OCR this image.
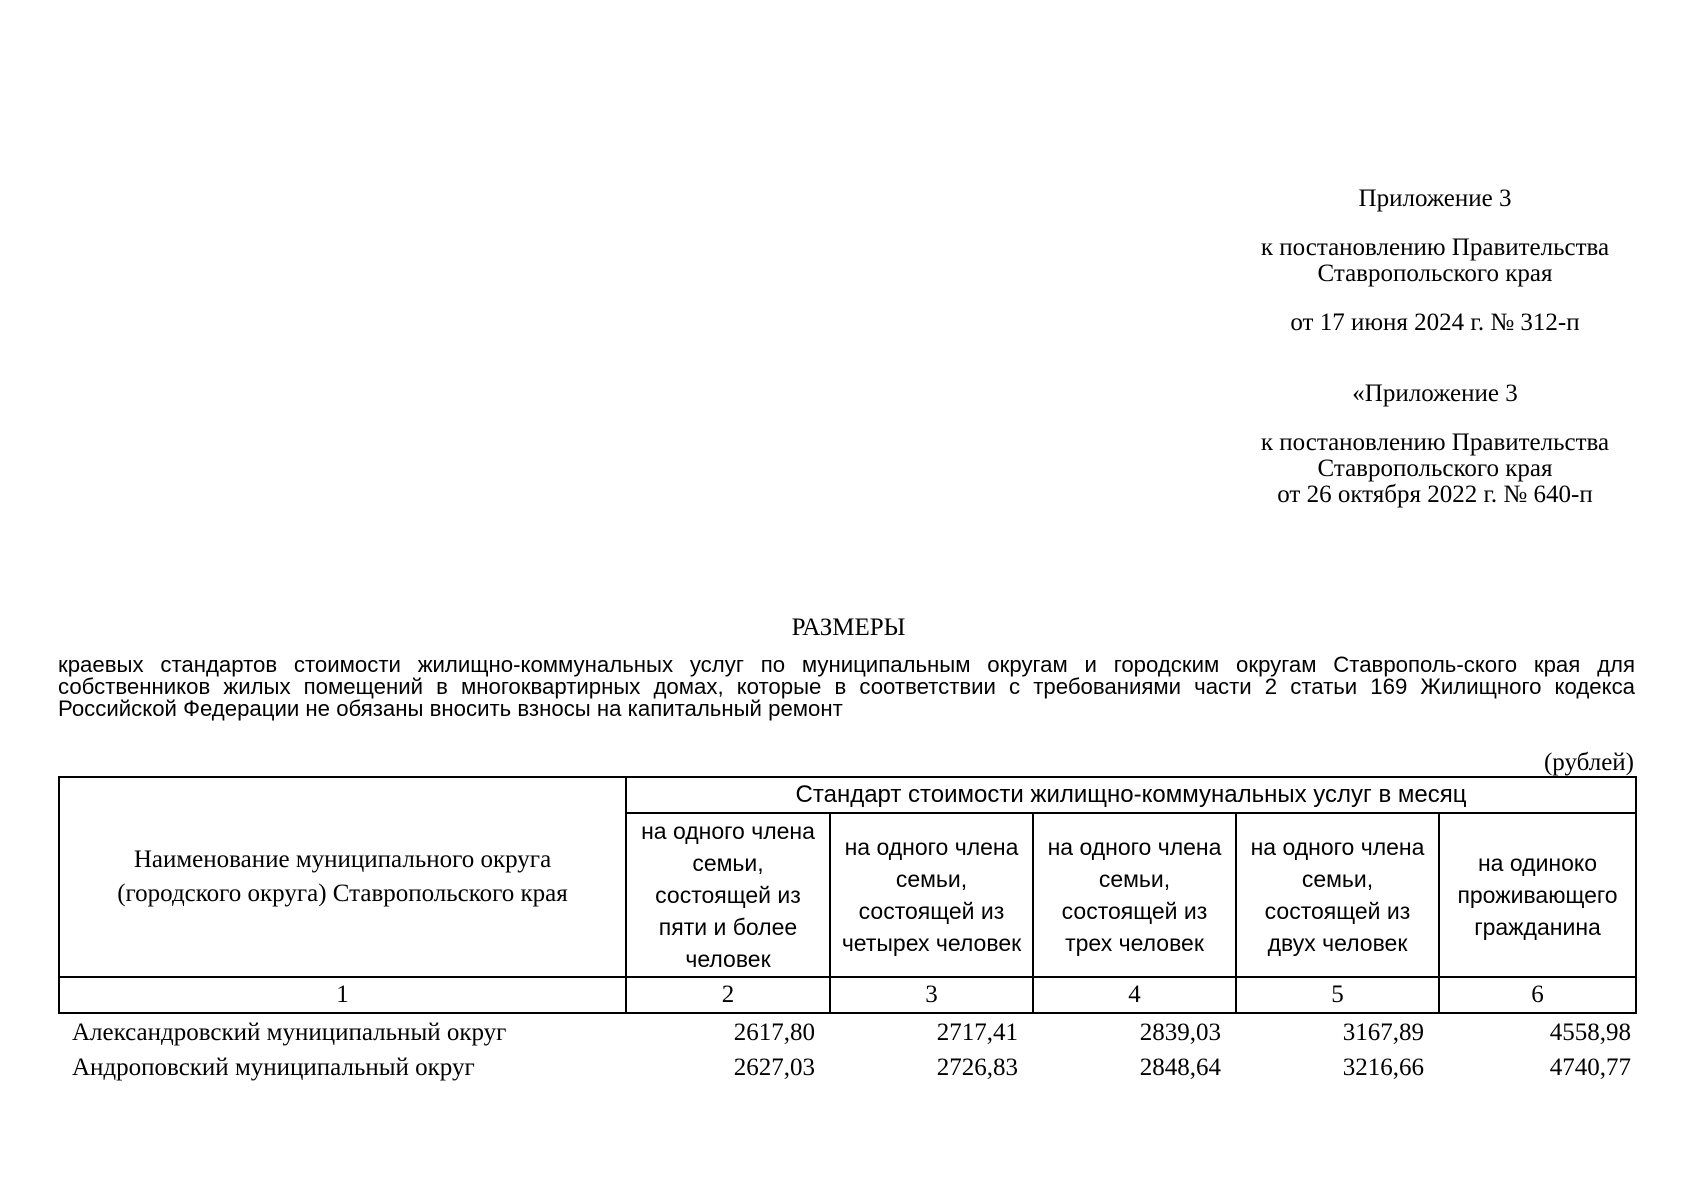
Приложение 3
к постановлению Правительства
Ставропольского края
от 17 июня 2024 г. № 312-п
«Приложение 3
к постановлению Правительства
Ставропольского края
от 26 октября 2022 г. № 640-п
РАЗМЕРЫ
краевых стандартов стоимости жилищно-коммунальных услуг по муниципальным округам и городским округам Ставрополь-ского края для собственников жилых помещений в многоквартирных домах, которые в соответствии с требованиями части 2 статьи 169 Жилищного кодекса Российской Федерации не обязаны вносить взносы на капитальный ремонт
(рублей)
Наименование муниципального округа (городского округа) Ставропольского края	Стандарт стоимости жилищно-коммунальных услуг в месяц				
	на одного члена семьи, состоящей из пяти и более человек	на одного члена семьи, состоящей из четырех человек	на одного члена семьи, состоящей из трех человек	на одного члена семьи, состоящей из двух человек	на одиноко проживающего гражданина
1	2	3	4	5	6
Александровский муниципальный округ	2617,80	2717,41	2839,03	3167,89	4558,98
Андроповский муниципальный округ	2627,03	2726,83	2848,64	3216,66	4740,77
